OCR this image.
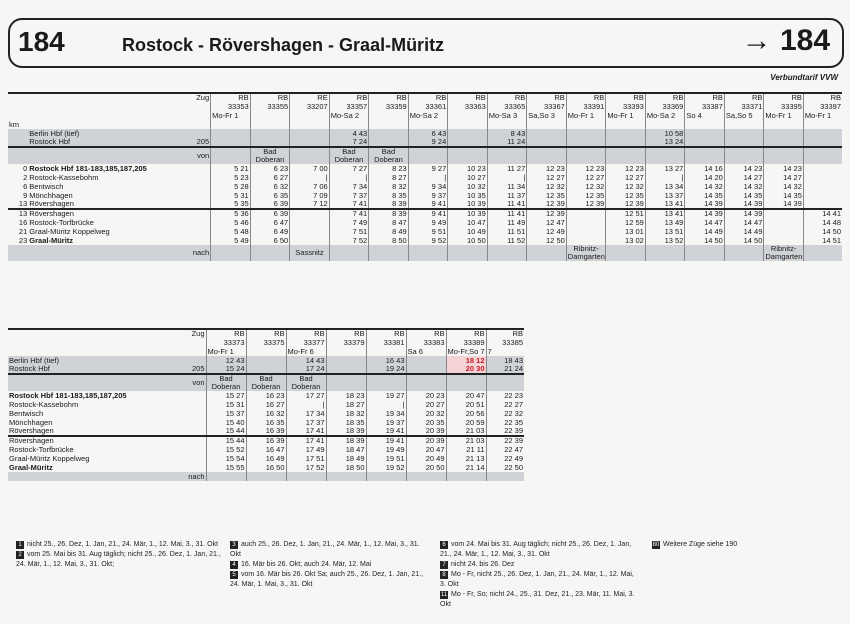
184	Rostock - Rövershagen - Graal-Müritz	→ 184
Verbundtarif VVW
		Zug	RB	RB	RE	RB	RB	RB	RB	RB	RB	RB	RB	RB	RB	RB	RB	RB
			33353	33355	33207	33357	33359	33361	33363	33365	33367	33391	33393	33369	33387	33371	33395	33397
			Mo-Fr 1			Mo-Sa 2		Mo-Sa 2		Mo-Sa 3	Sa,So 3	Mo-Fr 1	Mo-Fr 1	Mo-Sa 2	So 4	Sa,So 5	Mo-Fr 1	Mo-Fr 1
km																		
	Berlin Hbf (tief)					4 43		6 43		8 43				10 58				
	Rostock Hbf	205				7 24		9 24		11 24				13 24				
		von		Bad Doberan		Bad Doberan	Bad Doberan											
0	Rostock Hbf 181-183,185,187,205		5 21	6 23	7 00	7 27	8 23	9 27	10 23	11 27	12 23	12 23	12 23	13 27	14 16	14 23	14 23	
2	Rostock-Kassebohm		5 23	6 27	|	|	8 27	|	10 27	|	12 27	12 27	12 27	|	14 20	14 27	14 27	
6	Bentwisch		5 28	6 32	7 06	7 34	8 32	9 34	10 32	11 34	12 32	12 32	12 32	13 34	14 32	14 32	14 32	
9	Mönchhagen		5 31	6 35	7 09	7 37	8 35	9 37	10 35	11 37	12 35	12 35	12 35	13 37	14 35	14 35	14 35	
13	Rövershagen		5 35	6 39	7 12	7 41	8 39	9 41	10 39	11 41	12 39	12 39	12 39	13 41	14 39	14 39	14 39	
13	Rövershagen		5 36	6 39		7 41	8 39	9 41	10 39	11 41	12 39		12 51	13 41	14 39	14 39		14 41
16	Rostock-Torfbrücke		5 46	6 47		7 49	8 47	9 49	10 47	11 49	12 47		12 59	13 49	14 47	14 47		14 48
21	Graal-Müritz Koppelweg		5 48	6 49		7 51	8 49	9 51	10 49	11 51	12 49		13 01	13 51	14 49	14 49		14 50
23	Graal-Müritz		5 49	6 50		7 52	8 50	9 52	10 50	11 52	12 50		13 02	13 52	14 50	14 50		14 51
		nach			Sassnitz							Ribnitz-Damgarten					Ribnitz-Damgarten	
	Zug	RB	RB	RB	RB	RB	RB	RB	RB
		33373	33375	33377	33379	33381	33383	33389	33385
		Mo-Fr 1		Mo-Fr 6			Sa 6	Mo-Fr,So 7	7
Berlin Hbf (tief)		12 43		14 43		16 43		18 12	18 43
Rostock Hbf	205	15 24		17 24		19 24		20 30	21 24
	von	Bad Doberan	Bad Doberan	Bad Doberan					
Rostock Hbf 181-183,185,187,205		15 27	16 23	17 27	18 23	19 27	20 23	20 47	22 23
Rostock-Kassebohm		15 31	16 27	|	18 27	|	20 27	20 51	22 27
Bentwisch		15 37	16 32	17 34	18 32	19 34	20 32	20 56	22 32
Mönchhagen		15 40	16 35	17 37	18 35	19 37	20 35	20 59	22 35
Rövershagen		15 44	16 39	17 41	18 39	19 41	20 39	21 03	22 39
Rövershagen		15 44	16 39	17 41	18 39	19 41	20 39	21 03	22 39
Rostock-Torfbrücke		15 52	16 47	17 49	18 47	19 49	20 47	21 11	22 47
Graal-Müritz Koppelweg		15 54	16 49	17 51	18 49	19 51	20 49	21 13	22 49
Graal-Müritz		15 55	16 50	17 52	18 50	19 52	20 50	21 14	22 50
	nach								
1 nicht 25., 26. Dez, 1. Jan, 21., 24. Mär, 1., 12. Mai, 3., 31. Okt
2 vom 25. Mai bis 31. Aug täglich; nicht 25., 26. Dez, 1. Jan, 21., 24. Mär, 1., 12. Mai, 3., 31. Okt;
3 auch 25., 26. Dez, 1. Jan, 21., 24. Mär, 1., 12. Mai, 3., 31. Okt
4 16. Mär bis 26. Okt; auch 24. Mär, 12. Mai
5 vom 16. Mär bis 26. Okt Sa; auch 25., 26. Dez, 1. Jan, 21., 24. Mär, 1. Mai, 3., 31. Okt
6 vom 24. Mai bis 31. Aug täglich; nicht 25., 26. Dez, 1. Jan, 21., 24. Mär, 1., 12. Mai, 3., 31. Okt
7 nicht 24. bis 26. Dez
8 Mo - Fr, nicht 25., 26. Dez, 1. Jan, 21., 24. Mär, 1., 12. Mai, 3. Okt
11 Mo - Fr, So; nicht 24., 25., 31. Dez, 21., 23. Mär, 11. Mai, 3. Okt
80 Weitere Züge siehe 190
